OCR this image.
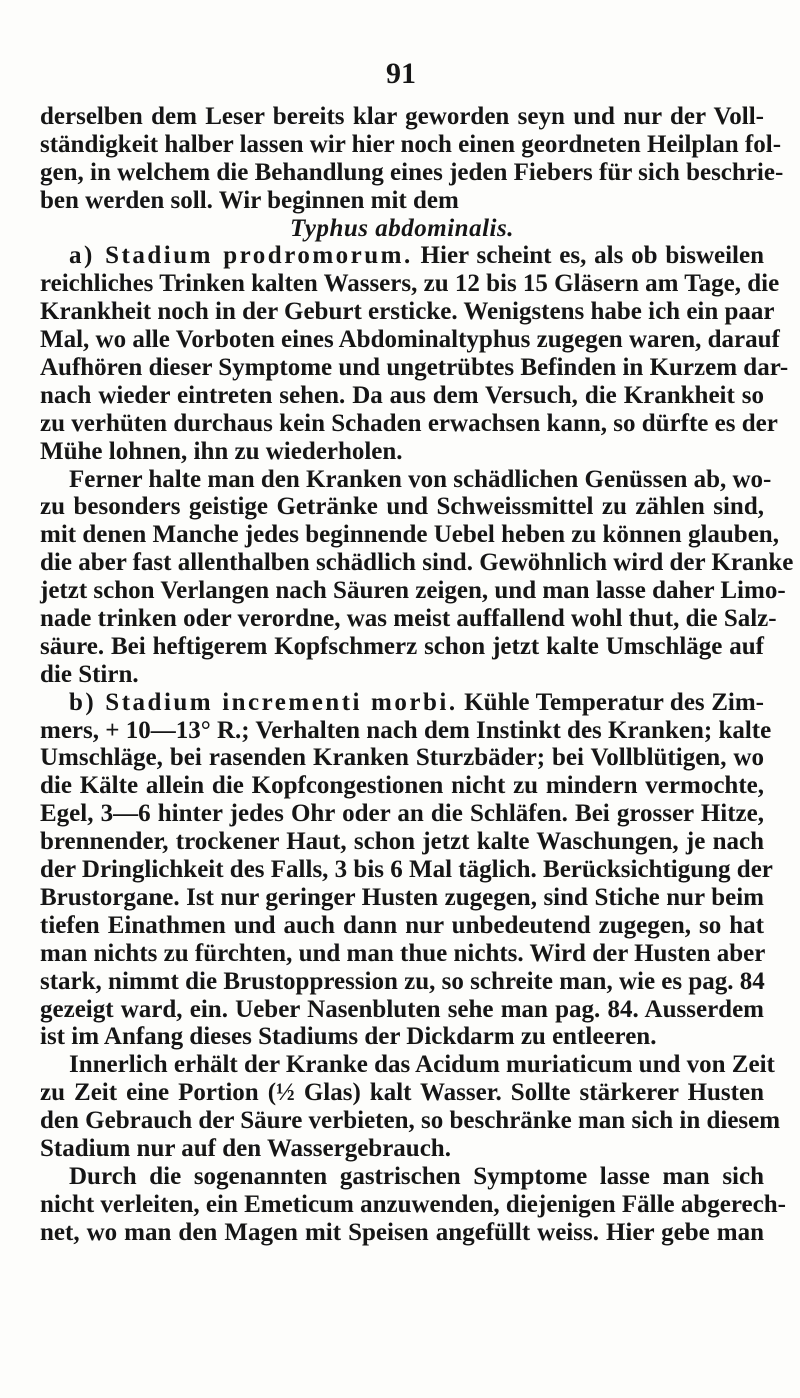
91
derselben dem Leser bereits klar geworden seyn und nur der Voll-
ständigkeit halber lassen wir hier noch einen geordneten Heilplan fol-
gen, in welchem die Behandlung eines jeden Fiebers für sich beschrie-
ben werden soll. Wir beginnen mit dem
Typhus abdominalis.
a) Stadium prodromorum. Hier scheint es, als ob bisweilen
reichliches Trinken kalten Wassers, zu 12 bis 15 Gläsern am Tage, die
Krankheit noch in der Geburt ersticke. Wenigstens habe ich ein paar
Mal, wo alle Vorboten eines Abdominaltyphus zugegen waren, darauf
Aufhören dieser Symptome und ungetrübtes Befinden in Kurzem dar-
nach wieder eintreten sehen. Da aus dem Versuch, die Krankheit so
zu verhüten durchaus kein Schaden erwachsen kann, so dürfte es der
Mühe lohnen, ihn zu wiederholen.
Ferner halte man den Kranken von schädlichen Genüssen ab, wo-
zu besonders geistige Getränke und Schweissmittel zu zählen sind,
mit denen Manche jedes beginnende Uebel heben zu können glauben,
die aber fast allenthalben schädlich sind. Gewöhnlich wird der Kranke
jetzt schon Verlangen nach Säuren zeigen, und man lasse daher Limo-
nade trinken oder verordne, was meist auffallend wohl thut, die Salz-
säure. Bei heftigerem Kopfschmerz schon jetzt kalte Umschläge auf
die Stirn.
b) Stadium incrementi morbi. Kühle Temperatur des Zim-
mers, + 10—13° R.; Verhalten nach dem Instinkt des Kranken; kalte
Umschläge, bei rasenden Kranken Sturzbäder; bei Vollblütigen, wo
die Kälte allein die Kopfcongestionen nicht zu mindern vermochte,
Egel, 3—6 hinter jedes Ohr oder an die Schläfen. Bei grosser Hitze,
brennender, trockener Haut, schon jetzt kalte Waschungen, je nach
der Dringlichkeit des Falls, 3 bis 6 Mal täglich. Berücksichtigung der
Brustorgane. Ist nur geringer Husten zugegen, sind Stiche nur beim
tiefen Einathmen und auch dann nur unbedeutend zugegen, so hat
man nichts zu fürchten, und man thue nichts. Wird der Husten aber
stark, nimmt die Brustoppression zu, so schreite man, wie es pag. 84
gezeigt ward, ein. Ueber Nasenbluten sehe man pag. 84. Ausserdem
ist im Anfang dieses Stadiums der Dickdarm zu entleeren.
Innerlich erhält der Kranke das Acidum muriaticum und von Zeit
zu Zeit eine Portion (½ Glas) kalt Wasser. Sollte stärkerer Husten
den Gebrauch der Säure verbieten, so beschränke man sich in diesem
Stadium nur auf den Wassergebrauch.
Durch die sogenannten gastrischen Symptome lasse man sich
nicht verleiten, ein Emeticum anzuwenden, diejenigen Fälle abgerech-
net, wo man den Magen mit Speisen angefüllt weiss. Hier gebe man
